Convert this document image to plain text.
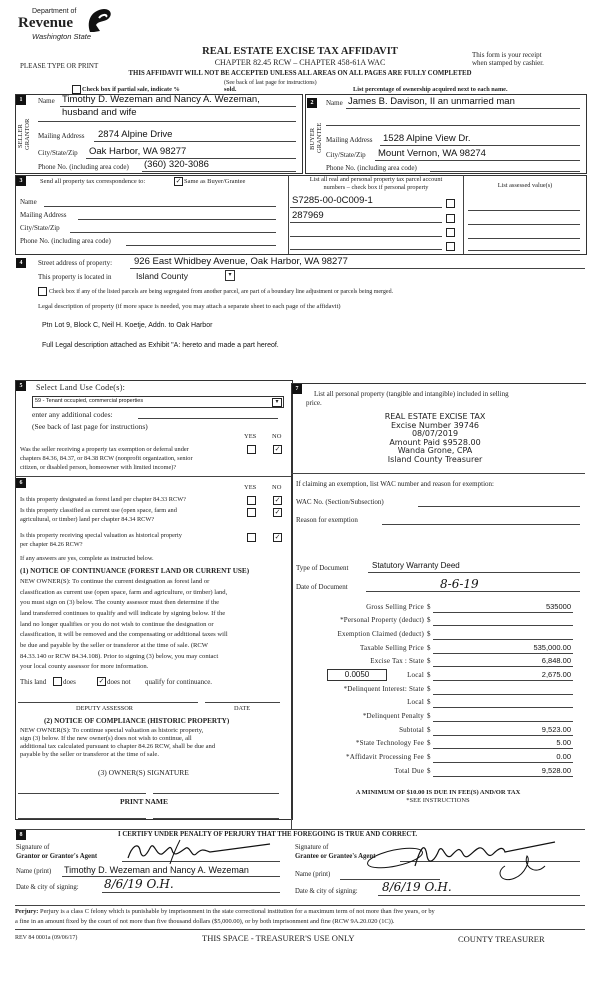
Department of
Revenue
Washington State
PLEASE TYPE OR PRINT
REAL ESTATE EXCISE TAX AFFIDAVIT
CHAPTER 82.45 RCW – CHAPTER 458-61A WAC
This form is your receipt
when stamped by cashier.
THIS AFFIDAVIT WILL NOT BE ACCEPTED UNLESS ALL AREAS ON ALL PAGES ARE FULLY COMPLETED
(See back of last page for instructions)
Check box if partial sale, indicate %	sold.	List percentage of ownership acquired next to each name.
1
SELLER GRANTOR
Name Timothy D. Wezeman and Nancy A. Wezeman,
husband and wife
Mailing Address 2874 Alpine Drive
City/State/Zip Oak Harbor, WA 98277
Phone No. (including area code) (360) 320-3086
2
BUYER GRANTEE
Name James B. Davison, II an unmarried man
Mailing Address 1528 Alpine View Dr.
City/State/Zip Mount Vernon, WA 98274
Phone No. (including area code)
3	Send all property tax correspondence to:	✓ Same as Buyer/Grantee
Name
Mailing Address
City/State/Zip
Phone No. (including area code)
List all real and personal property tax parcel account
numbers – check box if personal property	List assessed value(s)
S7285-00-0C009-1
287969
4	Street address of property: 926 East Whidbey Avenue, Oak Harbor, WA 98277
This property is located in	Island County	▾
Check box if any of the listed parcels are being segregated from another parcel, are part of a boundary line adjustment or parcels being merged.
Legal description of property (if more space is needed, you may attach a separate sheet to each page of the affidavit)
Ptn Lot 9, Block C, Neil H. Koetje, Addn. to Oak Harbor
Full Legal description attached as Exhibit "A: hereto and made a part hereof.
5	Select Land Use Code(s):
59 - Tenant occupied, commercial properties	▾
enter any additional codes:
(See back of last page for instructions)
YES NO
Was the seller receiving a property tax exemption or deferral under
chapters 84.36, 84.37, or 84.38 RCW (nonprofit organization, senior
citizen, or disabled person, homeowner with limited income)?
✓
6
YES NO
Is this property designated as forest land per chapter 84.33 RCW?	✓
Is this property classified as current use (open space, farm and
agricultural, or timber) land per chapter 84.34 RCW?
✓
Is this property receiving special valuation as historical property
per chapter 84.26 RCW?
✓
If any answers are yes, complete as instructed below.
(1) NOTICE OF CONTINUANCE (FOREST LAND OR CURRENT USE)
NEW OWNER(S): To continue the current designation as forest land or
classification as current use (open space, farm and agriculture, or timber) land,
you must sign on (3) below. The county assessor must then determine if the
land transferred continues to qualify and will indicate by signing below. If the
land no longer qualifies or you do not wish to continue the designation or
classification, it will be removed and the compensating or additional taxes will
be due and payable by the seller or transferor at the time of sale. (RCW
84.33.140 or RCW 84.34.108). Prior to signing (3) below, you may contact
your local county assessor for more information.
This land does	✓ does not qualify for continuance.
DEPUTY ASSESSOR	DATE
(2) NOTICE OF COMPLIANCE (HISTORIC PROPERTY)
NEW OWNER(S): To continue special valuation as historic property,
sign (3) below. If the new owner(s) does not wish to continue, all
additional tax calculated pursuant to chapter 84.26 RCW, shall be due and
payable by the seller or transferor at the time of sale.
(3) OWNER(S) SIGNATURE
PRINT NAME
7
List all personal property (tangible and intangible) included in selling
price.
REAL ESTATE EXCISE TAX
Excise Number 39746
08/07/2019
Amount Paid $9528.00
Wanda Grone, CPA
Island County Treasurer
If claiming an exemption, list WAC number and reason for exemption:
WAC No. (Section/Subsection)
Reason for exemption
Type of Document	Statutory Warranty Deed
Date of Document	8-6-19
Gross Selling Price $	535000
*Personal Property (deduct) $
Exemption Claimed (deduct) $
Taxable Selling Price $	535,000.00
Excise Tax : State $	6,848.00
Local $	2,675.00
*Delinquent Interest: State $
Local $
*Delinquent Penalty $
Subtotal $	9,523.00
*State Technology Fee $	5.00
*Affidavit Processing Fee $	0.00
Total Due $	9,528.00
0.0050
A MINIMUM OF $10.00 IS DUE IN FEE(S) AND/OR TAX
*SEE INSTRUCTIONS
8	I CERTIFY UNDER PENALTY OF PERJURY THAT THE FOREGOING IS TRUE AND CORRECT.
Signature of
Grantor or Grantor's Agent
Name (print) Timothy D. Wezeman and Nancy A. Wezeman
Date & city of signing: 8/6/19 O.H.
Signature of
Grantee or Grantee's Agent
Name (print)
Date & city of signing: 8/6/19 O.H.
Perjury: Perjury is a class C felony which is punishable by imprisonment in the state correctional institution for a maximum term of not more than five years, or by
a fine in an amount fixed by the court of not more than five thousand dollars ($5,000.00), or by both imprisonment and fine (RCW 9A.20.020 (1C)).
REV 84 0001a (09/06/17)	THIS SPACE - TREASURER'S USE ONLY	COUNTY TREASURER
